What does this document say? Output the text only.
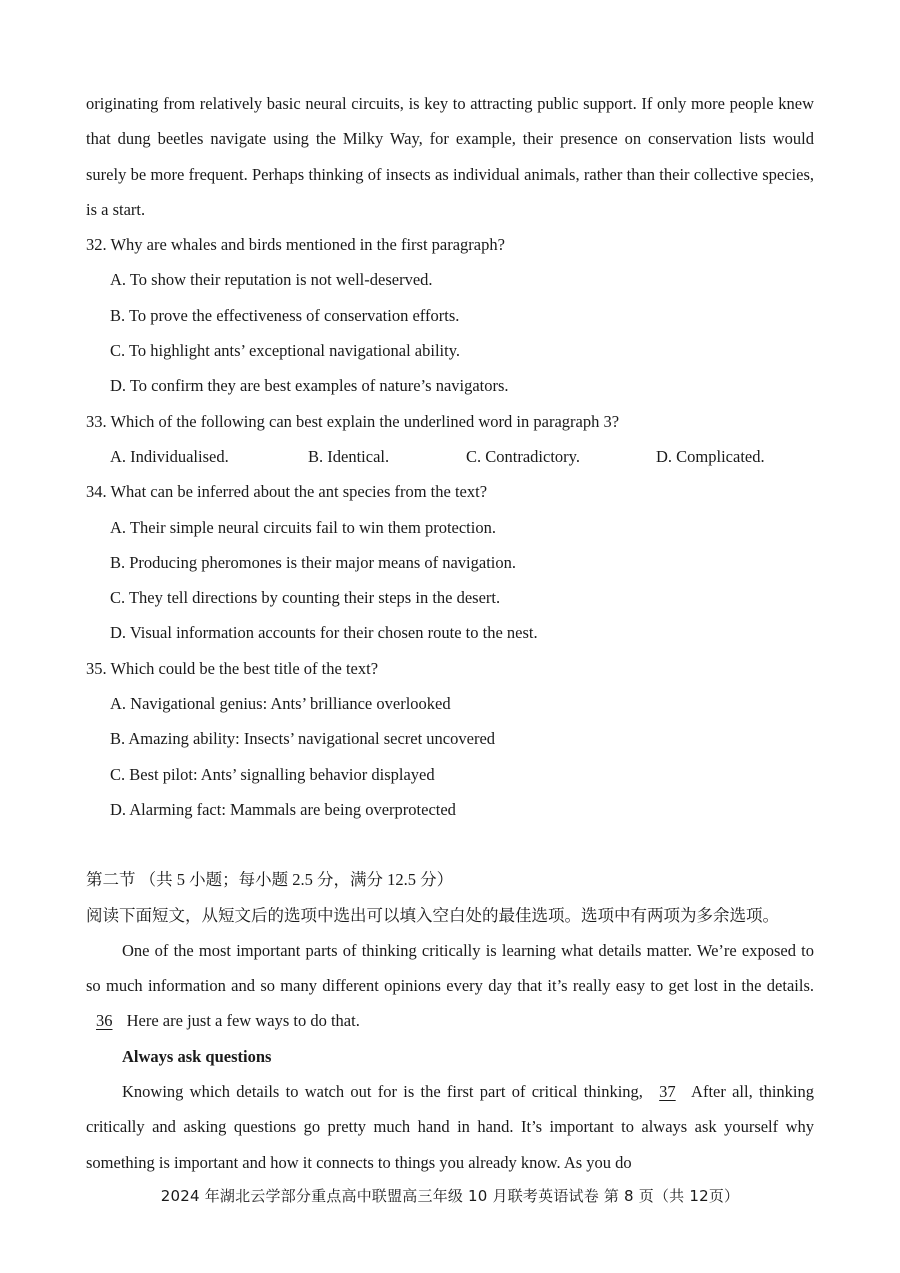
originating from relatively basic neural circuits, is key to attracting public support. If only more people knew that dung beetles navigate using the Milky Way, for example, their presence on conservation lists would surely be more frequent. Perhaps thinking of insects as individual animals, rather than their collective species, is a start.

32. Why are whales and birds mentioned in the first paragraph?

A. To show their reputation is not well-deserved.

B. To prove the effectiveness of conservation efforts.

C. To highlight ants’ exceptional navigational ability.

D. To confirm they are best examples of nature’s navigators.

33. Which of the following can best explain the underlined word in paragraph 3?

A. Individualised.	B. Identical.	C. Contradictory.	D. Complicated.

34. What can be inferred about the ant species from the text?

A. Their simple neural circuits fail to win them protection.

B. Producing pheromones is their major means of navigation.

C. They tell directions by counting their steps in the desert.

D. Visual information accounts for their chosen route to the nest.

35. Which could be the best title of the text?

A. Navigational genius: Ants’ brilliance overlooked

B. Amazing ability: Insects’ navigational secret uncovered

C. Best pilot: Ants’ signalling behavior displayed

D. Alarming fact: Mammals are being overprotected

第二节 （共 5 小题；每小题 2.5 分，满分 12.5 分）

阅读下面短文，从短文后的选项中选出可以填入空白处的最佳选项。选项中有两项为多余选项。

One of the most important parts of thinking critically is learning what details matter. We’re exposed to so much information and so many different opinions every day that it’s really easy to get lost in the details. 36 Here are just a few ways to do that.

Always ask questions

Knowing which details to watch out for is the first part of critical thinking, 37 After all, thinking critically and asking questions go pretty much hand in hand. It’s important to always ask yourself why something is important and how it connects to things you already know. As you do

2024 年湖北云学部分重点高中联盟高三年级 10 月联考英语试卷 第 8 页（共 12页）
